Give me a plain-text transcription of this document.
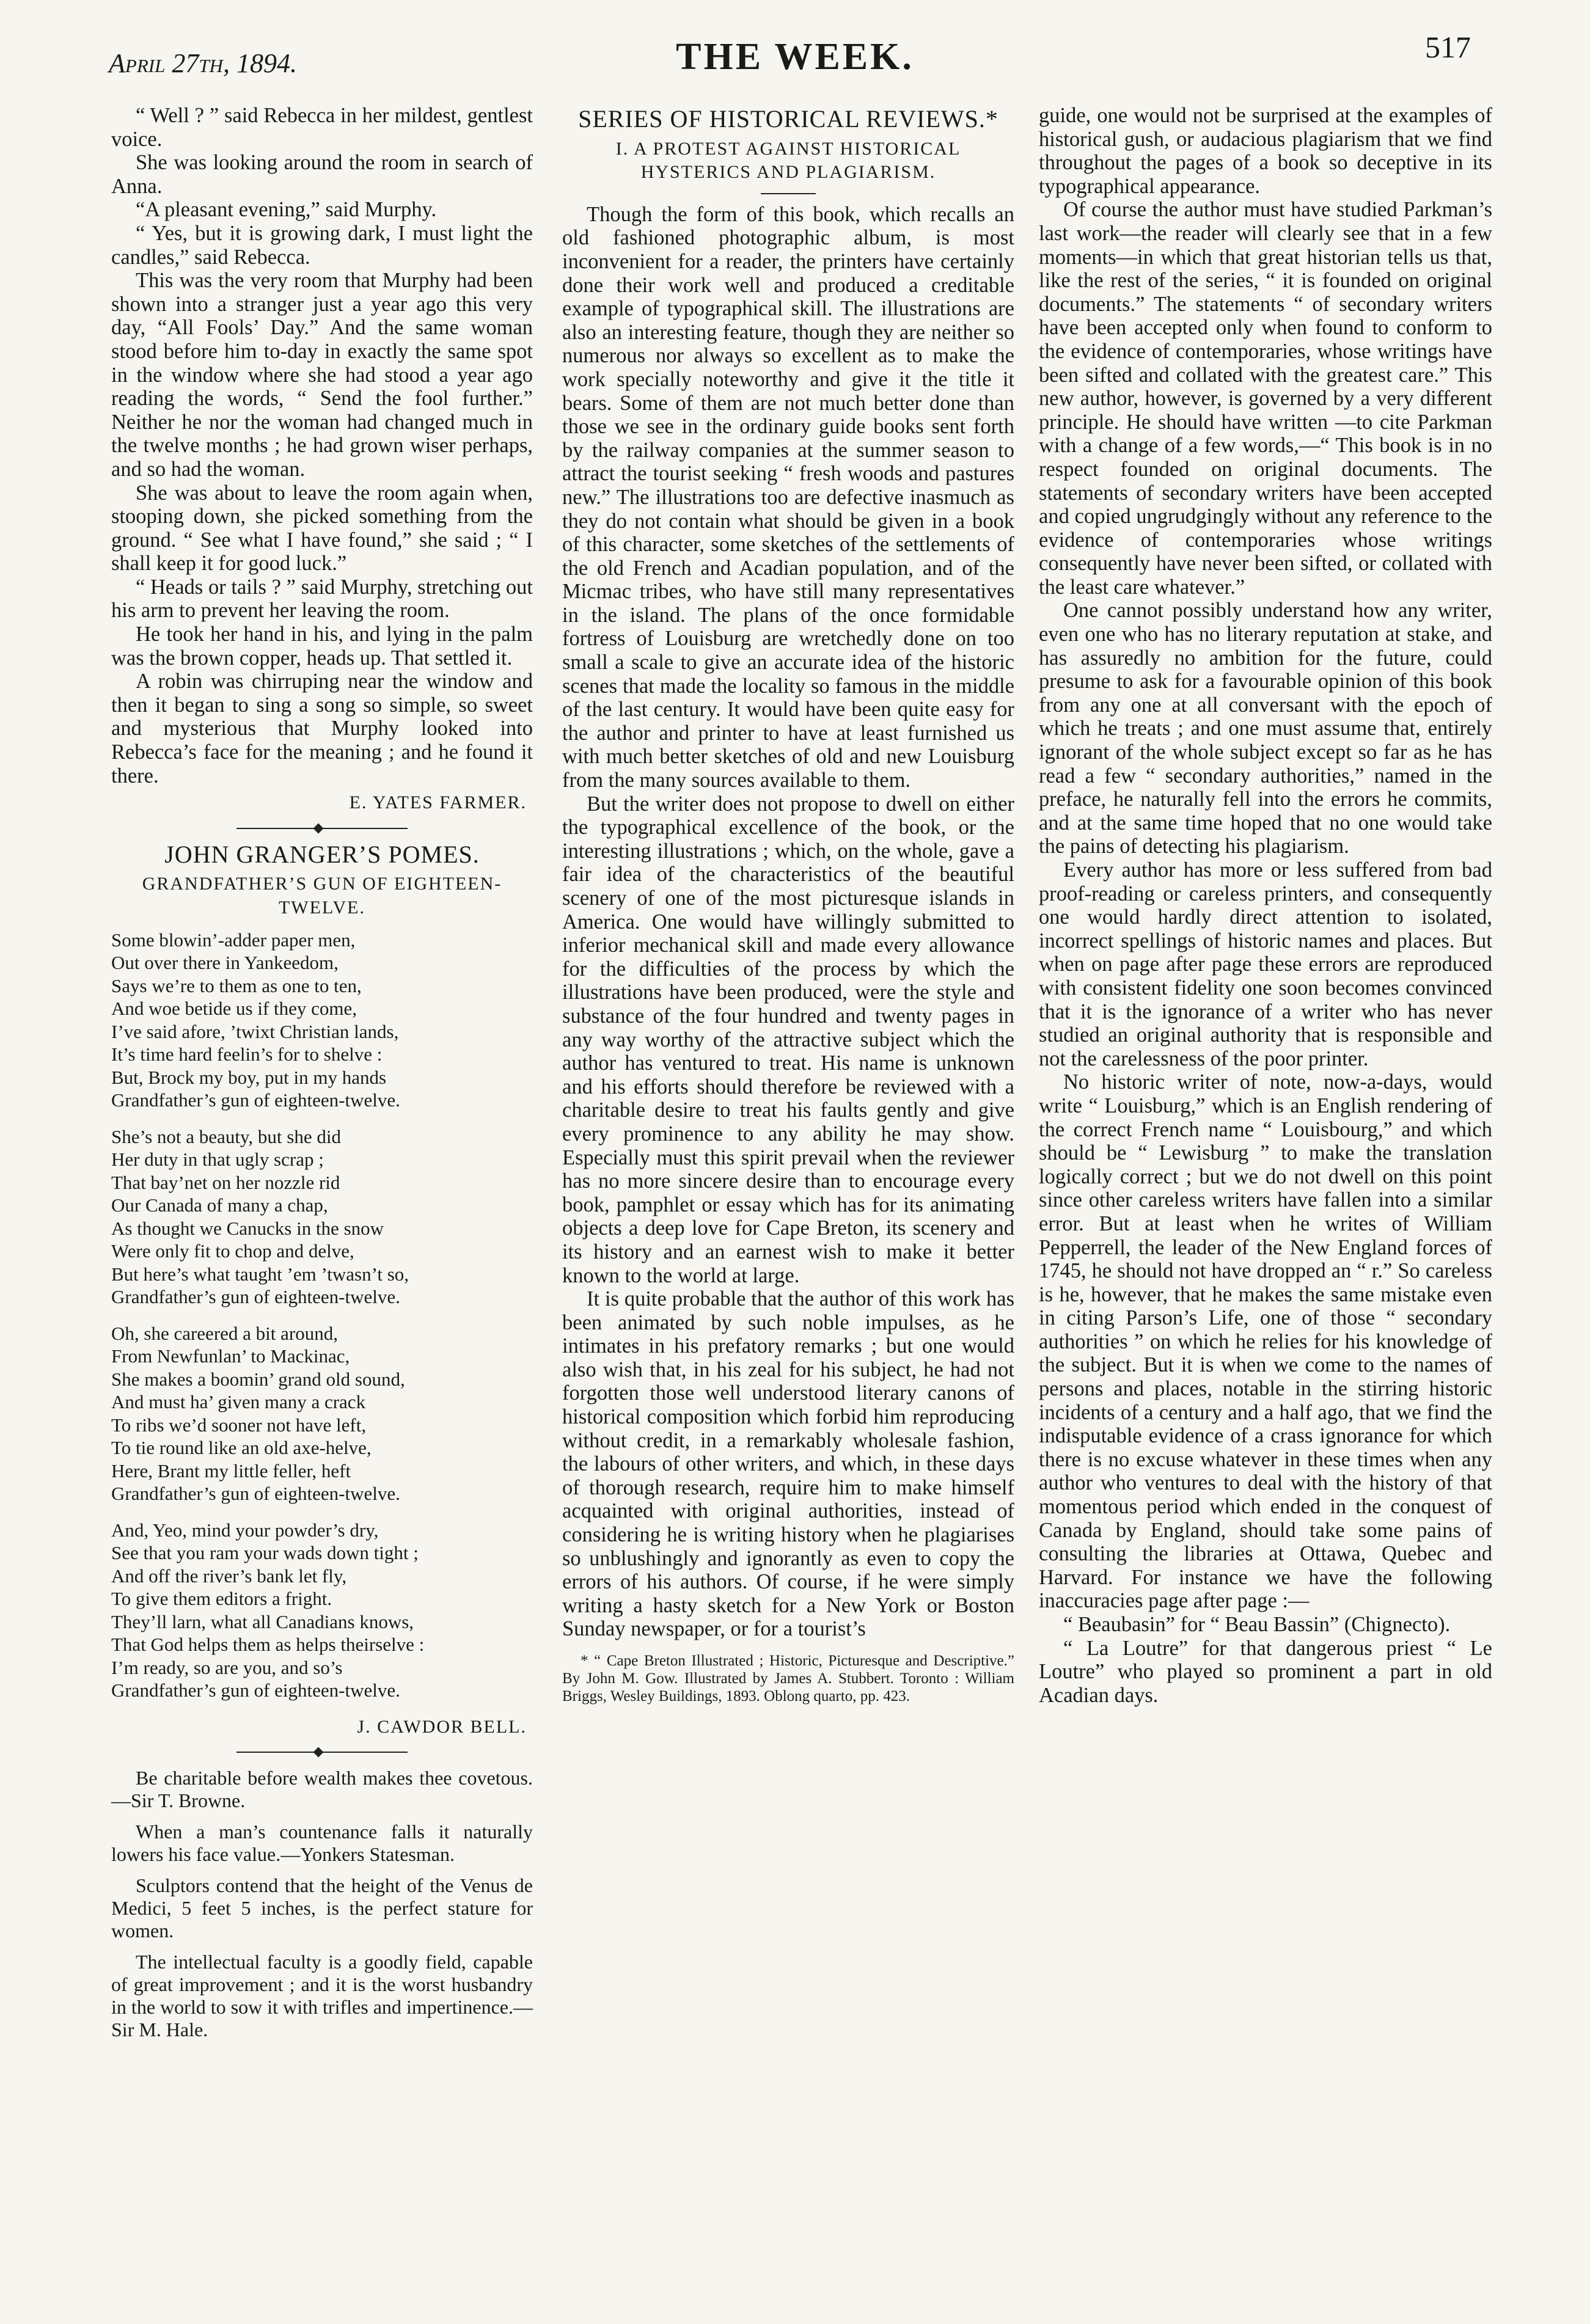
April 27th, 1894.	THE WEEK.	517

“ Well ? ” said Rebecca in her mildest, gentlest voice.

She was looking around the room in search of Anna.

“A pleasant evening,” said Murphy.

“ Yes, but it is growing dark, I must light the candles,” said Rebecca.

This was the very room that Murphy had been shown into a stranger just a year ago this very day, “All Fools’ Day.” And the same woman stood before him to-day in exactly the same spot in the window where she had stood a year ago reading the words, “ Send the fool further.” Neither he nor the woman had changed much in the twelve months ; he had grown wiser perhaps, and so had the woman.

She was about to leave the room again when, stooping down, she picked something from the ground. “ See what I have found,” she said ; “ I shall keep it for good luck.”

“ Heads or tails ? ” said Murphy, stretching out his arm to prevent her leaving the room.

He took her hand in his, and lying in the palm was the brown copper, heads up. That settled it.

A robin was chirruping near the window and then it began to sing a song so simple, so sweet and mysterious that Murphy looked into Rebecca’s face for the meaning ; and he found it there.

E. YATES FARMER.
JOHN GRANGER’S POMES.
GRANDFATHER’S GUN OF EIGHTEEN-TWELVE.
Some blowin’-adder paper men,
Out over there in Yankeedom,
Says we’re to them as one to ten,
And woe betide us if they come,
I’ve said afore, ’twixt Christian lands,
It’s time hard feelin’s for to shelve :
But, Brock my boy, put in my hands
Grandfather’s gun of eighteen-twelve.
She’s not a beauty, but she did
Her duty in that ugly scrap ;
That bay’net on her nozzle rid
Our Canada of many a chap,
As thought we Canucks in the snow
Were only fit to chop and delve,
But here’s what taught ’em ’twasn’t so,
Grandfather’s gun of eighteen-twelve.
Oh, she careered a bit around,
From Newfunlan’ to Mackinac,
She makes a boomin’ grand old sound,
And must ha’ given many a crack
To ribs we’d sooner not have left,
To tie round like an old axe-helve,
Here, Brant my little feller, heft
Grandfather’s gun of eighteen-twelve.
And, Yeo, mind your powder’s dry,
See that you ram your wads down tight ;
And off the river’s bank let fly,
To give them editors a fright.
They’ll larn, what all Canadians knows,
That God helps them as helps theirselve :
I’m ready, so are you, and so’s
Grandfather’s gun of eighteen-twelve.
J. CAWDOR BELL.

Be charitable before wealth makes thee covetous.—Sir T. Browne.

When a man’s countenance falls it naturally lowers his face value.—Yonkers Statesman.

Sculptors contend that the height of the Venus de Medici, 5 feet 5 inches, is the perfect stature for women.

The intellectual faculty is a goodly field, capable of great improvement ; and it is the worst husbandry in the world to sow it with trifles and impertinence.—Sir M. Hale.

SERIES OF HISTORICAL REVIEWS.*
I. A PROTEST AGAINST HISTORICAL HYSTERICS AND PLAGIARISM.

Though the form of this book, which recalls an old fashioned photographic album, is most inconvenient for a reader, the printers have certainly done their work well and produced a creditable example of typographical skill. The illustrations are also an interesting feature, though they are neither so numerous nor always so excellent as to make the work specially noteworthy and give it the title it bears. Some of them are not much better done than those we see in the ordinary guide books sent forth by the railway companies at the summer season to attract the tourist seeking “ fresh woods and pastures new.” The illustrations too are defective inasmuch as they do not contain what should be given in a book of this character, some sketches of the settlements of the old French and Acadian population, and of the Micmac tribes, who have still many representatives in the island. The plans of the once formidable fortress of Louisburg are wretchedly done on too small a scale to give an accurate idea of the historic scenes that made the locality so famous in the middle of the last century. It would have been quite easy for the author and printer to have at least furnished us with much better sketches of old and new Louisburg from the many sources available to them.

But the writer does not propose to dwell on either the typographical excellence of the book, or the interesting illustrations ; which, on the whole, gave a fair idea of the characteristics of the beautiful scenery of one of the most picturesque islands in America. One would have willingly submitted to inferior mechanical skill and made every allowance for the difficulties of the process by which the illustrations have been produced, were the style and substance of the four hundred and twenty pages in any way worthy of the attractive subject which the author has ventured to treat. His name is unknown and his efforts should therefore be reviewed with a charitable desire to treat his faults gently and give every prominence to any ability he may show. Especially must this spirit prevail when the reviewer has no more sincere desire than to encourage every book, pamphlet or essay which has for its animating objects a deep love for Cape Breton, its scenery and its history and an earnest wish to make it better known to the world at large.

It is quite probable that the author of this work has been animated by such noble impulses, as he intimates in his prefatory remarks ; but one would also wish that, in his zeal for his subject, he had not forgotten those well understood literary canons of historical composition which forbid him reproducing without credit, in a remarkably wholesale fashion, the labours of other writers, and which, in these days of thorough research, require him to make himself acquainted with original authorities, instead of considering he is writing history when he plagiarises so unblushingly and ignorantly as even to copy the errors of his authors. Of course, if he were simply writing a hasty sketch for a New York or Boston Sunday newspaper, or for a tourist’s

* “ Cape Breton Illustrated ; Historic, Picturesque and Descriptive.” By John M. Gow. Illustrated by James A. Stubbert. Toronto : William Briggs, Wesley Buildings, 1893. Oblong quarto, pp. 423.

guide, one would not be surprised at the examples of historical gush, or audacious plagiarism that we find throughout the pages of a book so deceptive in its typographical appearance.

Of course the author must have studied Parkman’s last work—the reader will clearly see that in a few moments—in which that great historian tells us that, like the rest of the series, “ it is founded on original documents.” The statements “ of secondary writers have been accepted only when found to conform to the evidence of contemporaries, whose writings have been sifted and collated with the greatest care.” This new author, however, is governed by a very different principle. He should have written —to cite Parkman with a change of a few words,—“ This book is in no respect founded on original documents. The statements of secondary writers have been accepted and copied ungrudgingly without any reference to the evidence of contemporaries whose writings consequently have never been sifted, or collated with the least care whatever.”

One cannot possibly understand how any writer, even one who has no literary reputation at stake, and has assuredly no ambition for the future, could presume to ask for a favourable opinion of this book from any one at all conversant with the epoch of which he treats ; and one must assume that, entirely ignorant of the whole subject except so far as he has read a few “ secondary authorities,” named in the preface, he naturally fell into the errors he commits, and at the same time hoped that no one would take the pains of detecting his plagiarism.

Every author has more or less suffered from bad proof-reading or careless printers, and consequently one would hardly direct attention to isolated, incorrect spellings of historic names and places. But when on page after page these errors are reproduced with consistent fidelity one soon becomes convinced that it is the ignorance of a writer who has never studied an original authority that is responsible and not the carelessness of the poor printer.

No historic writer of note, now-a-days, would write “ Louisburg,” which is an English rendering of the correct French name “ Louisbourg,” and which should be “ Lewisburg ” to make the translation logically correct ; but we do not dwell on this point since other careless writers have fallen into a similar error. But at least when he writes of William Pepperrell, the leader of the New England forces of 1745, he should not have dropped an “ r.” So careless is he, however, that he makes the same mistake even in citing Parson’s Life, one of those “ secondary authorities ” on which he relies for his knowledge of the subject. But it is when we come to the names of persons and places, notable in the stirring historic incidents of a century and a half ago, that we find the indisputable evidence of a crass ignorance for which there is no excuse whatever in these times when any author who ventures to deal with the history of that momentous period which ended in the conquest of Canada by England, should take some pains of consulting the libraries at Ottawa, Quebec and Harvard. For instance we have the following inaccuracies page after page :—

“ Beaubasin” for “ Beau Bassin” (Chignecto).

“ La Loutre” for that dangerous priest “ Le Loutre” who played so prominent a part in old Acadian days.
